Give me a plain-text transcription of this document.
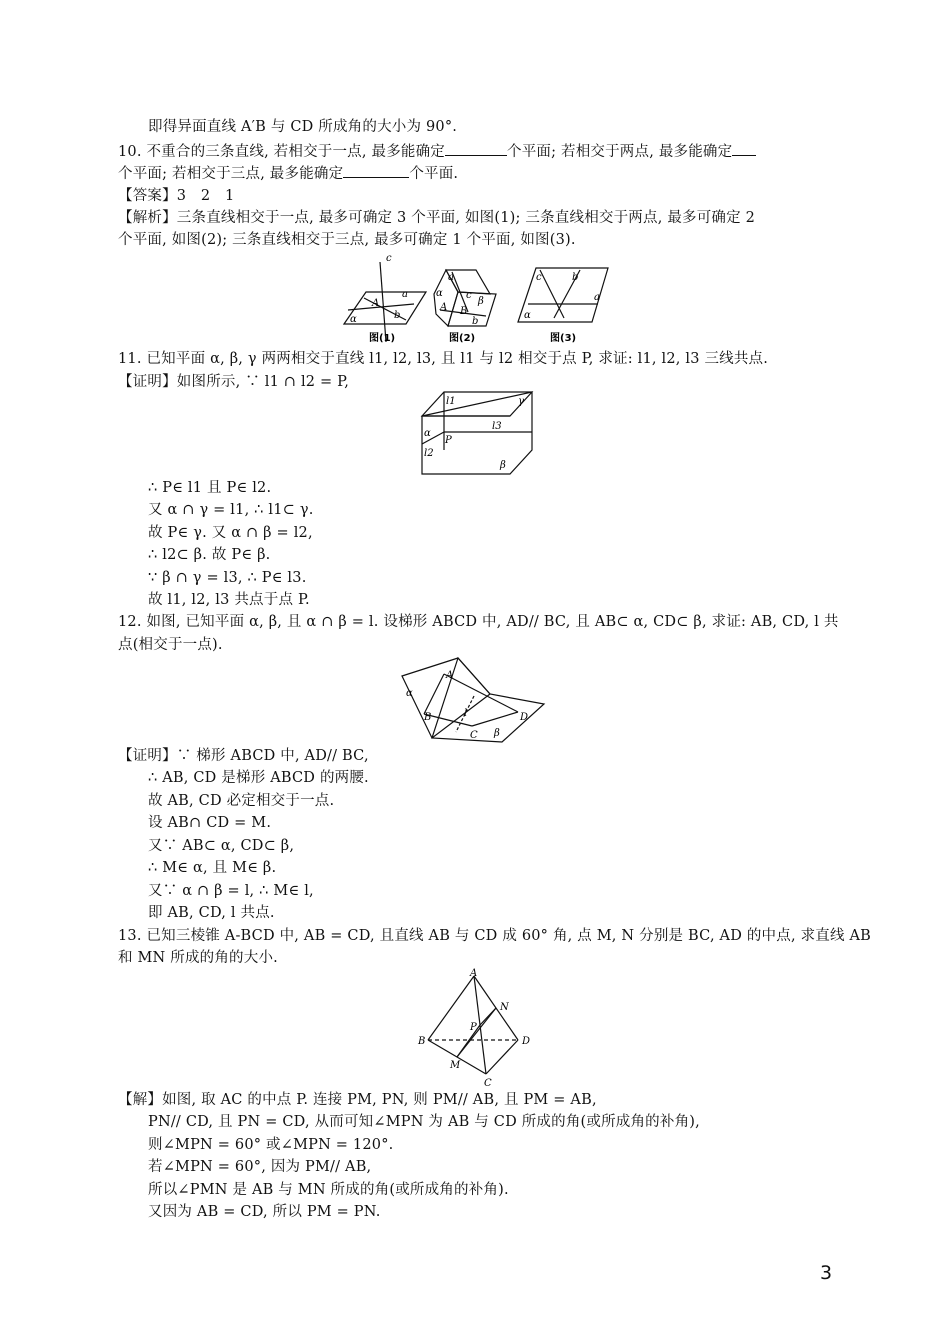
即得异面直线 A′B 与 CD 所成角的大小为 90°.
10. 不重合的三条直线, 若相交于一点, 最多能确定	个平面; 若相交于两点, 最多能确定
个平面; 若相交于三点, 最多能确定	个平面.
【答案】3　2　1
【解析】三条直线相交于一点, 最多可确定 3 个平面, 如图(1); 三条直线相交于两点, 最多可确定 2
个平面, 如图(2); 三条直线相交于三点, 最多可确定 1 个平面, 如图(3).
c
a
A
b
α
图(1)
a
A
c
B
β
b
α
图(2)
c	b
a
α
图(3)
11. 已知平面 α, β, γ 两两相交于直线 l1, l2, l3, 且 l1 与 l2 相交于点 P, 求证: l1, l2, l3 三线共点.
【证明】如图所示, ∵ l1 ∩ l2 = P,
l1	γ
l3
α
P
l2
β
∴ P∈ l1 且 P∈ l2.
又 α ∩ γ = l1, ∴ l1⊂ γ.
故 P∈ γ. 又 α ∩ β = l2,
∴ l2⊂ β. 故 P∈ β.
∵ β ∩ γ = l3, ∴ P∈ l3.
故 l1, l2, l3 共点于点 P.
12. 如图, 已知平面 α, β, 且 α ∩ β = l. 设梯形 ABCD 中, AD// BC, 且 AB⊂ α, CD⊂ β, 求证: AB, CD, l 共
点(相交于一点).
α
A
B	l	D
C β
【证明】∵ 梯形 ABCD 中, AD// BC,
∴ AB, CD 是梯形 ABCD 的两腰.
故 AB, CD 必定相交于一点.
设 AB∩ CD = M.
又∵ AB⊂ α, CD⊂ β,
∴ M∈ α, 且 M∈ β.
又∵ α ∩ β = l, ∴ M∈ l,
即 AB, CD, l 共点.
13. 已知三棱锥 A-BCD 中, AB = CD, 且直线 AB 与 CD 成 60° 角, 点 M, N 分别是 BC, AD 的中点, 求直线 AB
和 MN 所成的角的大小.
A
N
P
B	D
M
C
【解】如图, 取 AC 的中点 P. 连接 PM, PN, 则 PM// AB, 且 PM = AB,
PN// CD, 且 PN = CD, 从而可知∠MPN 为 AB 与 CD 所成的角(或所成角的补角),
则∠MPN = 60° 或∠MPN = 120°.
若∠MPN = 60°, 因为 PM// AB,
所以∠PMN 是 AB 与 MN 所成的角(或所成角的补角).
又因为 AB = CD, 所以 PM = PN.
3
